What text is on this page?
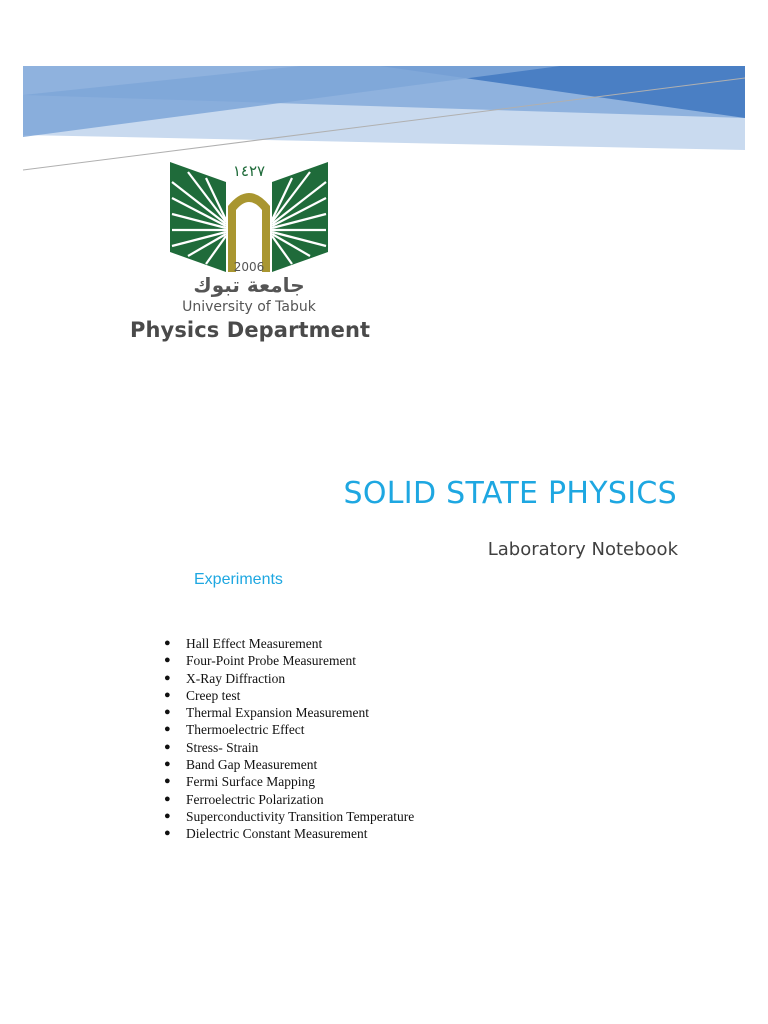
١٤٢٧
2006
جامعة تبوك
University of Tabuk
Physics Department
SOLID STATE PHYSICS
Laboratory Notebook
Experiments
● Hall Effect Measurement
● Four-Point Probe Measurement
● X-Ray Diffraction
● Creep test
● Thermal Expansion Measurement
● Thermoelectric Effect
● Stress- Strain
● Band Gap Measurement
● Fermi Surface Mapping
● Ferroelectric Polarization
● Superconductivity Transition Temperature
● Dielectric Constant Measurement
